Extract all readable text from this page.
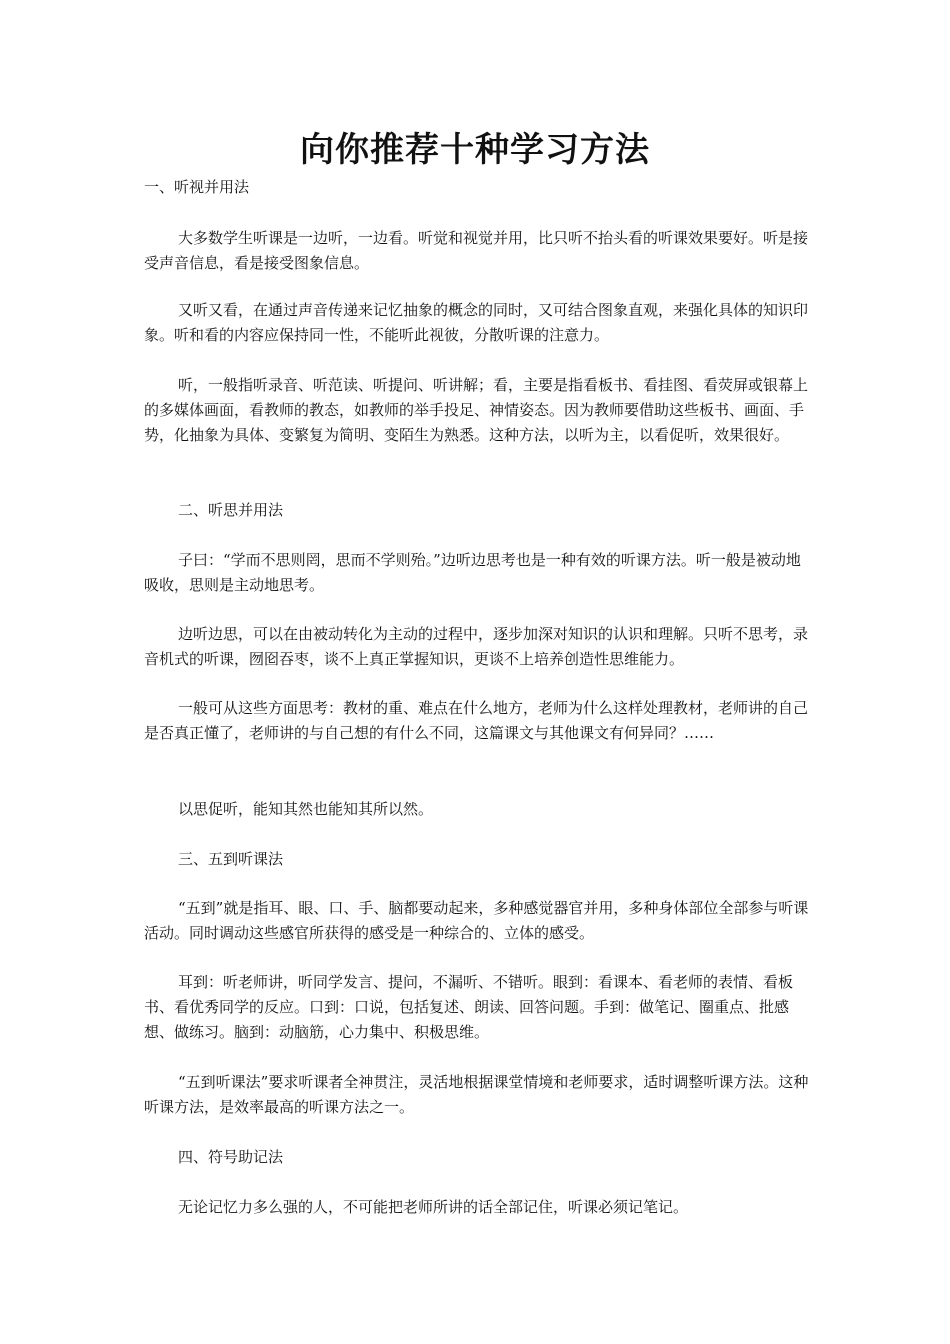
向你推荐十种学习方法

一、听视并用法

大多数学生听课是一边听，一边看。听觉和视觉并用，比只听不抬头看的听课效果要好。听是接受声音信息，看是接受图象信息。

又听又看，在通过声音传递来记忆抽象的概念的同时，又可结合图象直观，来强化具体的知识印象。听和看的内容应保持同一性，不能听此视彼，分散听课的注意力。

听，一般指听录音、听范读、听提问、听讲解；看，主要是指看板书、看挂图、看荧屏或银幕上的多媒体画面，看教师的教态，如教师的举手投足、神情姿态。因为教师要借助这些板书、画面、手势，化抽象为具体、变繁复为简明、变陌生为熟悉。这种方法，以听为主，以看促听，效果很好。

二、听思并用法

子曰：“学而不思则罔，思而不学则殆。”边听边思考也是一种有效的听课方法。听一般是被动地吸收，思则是主动地思考。

边听边思，可以在由被动转化为主动的过程中，逐步加深对知识的认识和理解。只听不思考，录音机式的听课，囫囵吞枣，谈不上真正掌握知识，更谈不上培养创造性思维能力。

一般可从这些方面思考：教材的重、难点在什么地方，老师为什么这样处理教材，老师讲的自己是否真正懂了，老师讲的与自己想的有什么不同，这篇课文与其他课文有何异同？……

以思促听，能知其然也能知其所以然。

三、五到听课法

“五到”就是指耳、眼、口、手、脑都要动起来，多种感觉器官并用，多种身体部位全部参与听课活动。同时调动这些感官所获得的感受是一种综合的、立体的感受。

耳到：听老师讲，听同学发言、提问，不漏听、不错听。眼到：看课本、看老师的表情、看板书、看优秀同学的反应。口到：口说，包括复述、朗读、回答问题。手到：做笔记、圈重点、批感想、做练习。脑到：动脑筋，心力集中、积极思维。

“五到听课法”要求听课者全神贯注，灵活地根据课堂情境和老师要求，适时调整听课方法。这种听课方法，是效率最高的听课方法之一。

四、符号助记法

无论记忆力多么强的人，不可能把老师所讲的话全部记住，听课必须记笔记。
